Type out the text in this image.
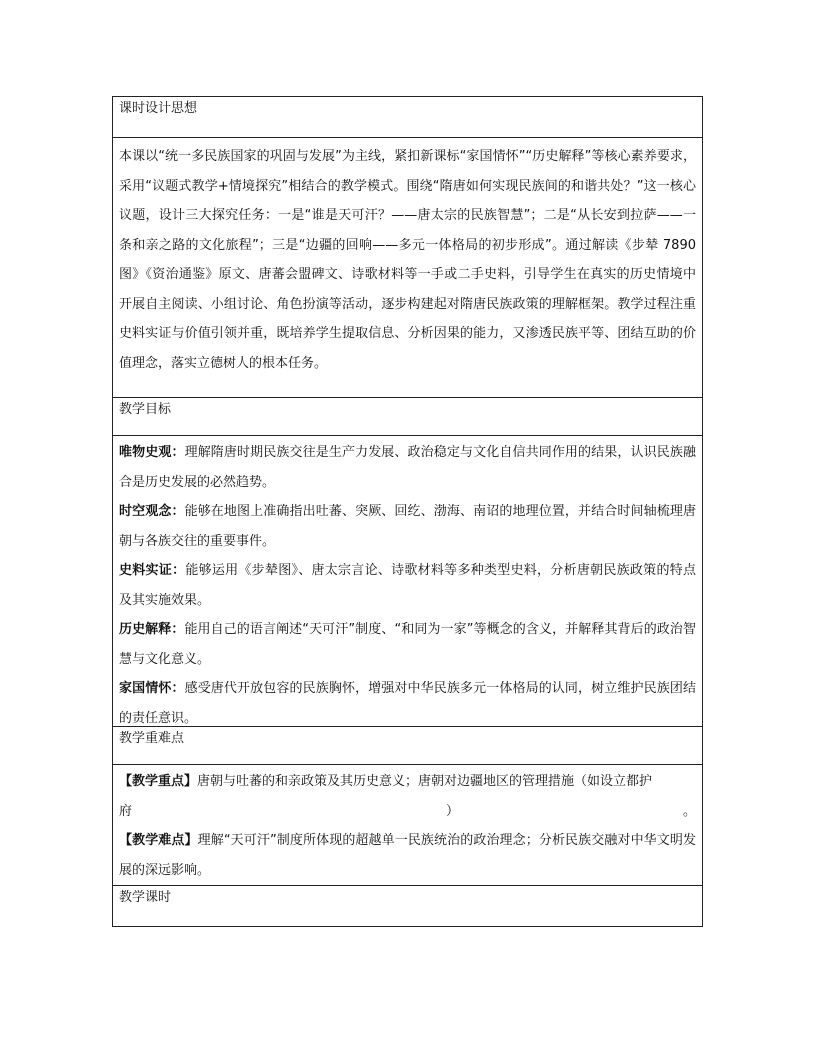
课时设计思想

本课以“统一多民族国家的巩固与发展”为主线，紧扣新课标“家国情怀”“历史解释”等核心素养要求，采用“议题式教学+情境探究”相结合的教学模式。围绕“隋唐如何实现民族间的和谐共处？”这一核心议题，设计三大探究任务：一是“谁是天可汗？——唐太宗的民族智慧”；二是“从长安到拉萨——一条和亲之路的文化旅程”；三是“边疆的回响——多元一体格局的初步形成”。通过解读《步辇 7890 图》《资治通鉴》原文、唐蕃会盟碑文、诗歌材料等一手或二手史料，引导学生在真实的历史情境中开展自主阅读、小组讨论、角色扮演等活动，逐步构建起对隋唐民族政策的理解框架。教学过程注重史料实证与价值引领并重，既培养学生提取信息、分析因果的能力，又渗透民族平等、团结互助的价值理念，落实立德树人的根本任务。

教学目标

唯物史观：理解隋唐时期民族交往是生产力发展、政治稳定与文化自信共同作用的结果，认识民族融合是历史发展的必然趋势。

时空观念：能够在地图上准确指出吐蕃、突厥、回纥、渤海、南诏的地理位置，并结合时间轴梳理唐朝与各族交往的重要事件。

史料实证：能够运用《步辇图》、唐太宗言论、诗歌材料等多种类型史料，分析唐朝民族政策的特点及其实施效果。

历史解释：能用自己的语言阐述“天可汗”制度、“和同为一家”等概念的含义，并解释其背后的政治智慧与文化意义。

家国情怀：感受唐代开放包容的民族胸怀，增强对中华民族多元一体格局的认同，树立维护民族团结的责任意识。

教学重难点

【教学重点】唐朝与吐蕃的和亲政策及其历史意义；唐朝对边疆地区的管理措施（如设立都护

府	）	。

【教学难点】理解“天可汗”制度所体现的超越单一民族统治的政治理念；分析民族交融对中华文明发展的深远影响。

教学课时
